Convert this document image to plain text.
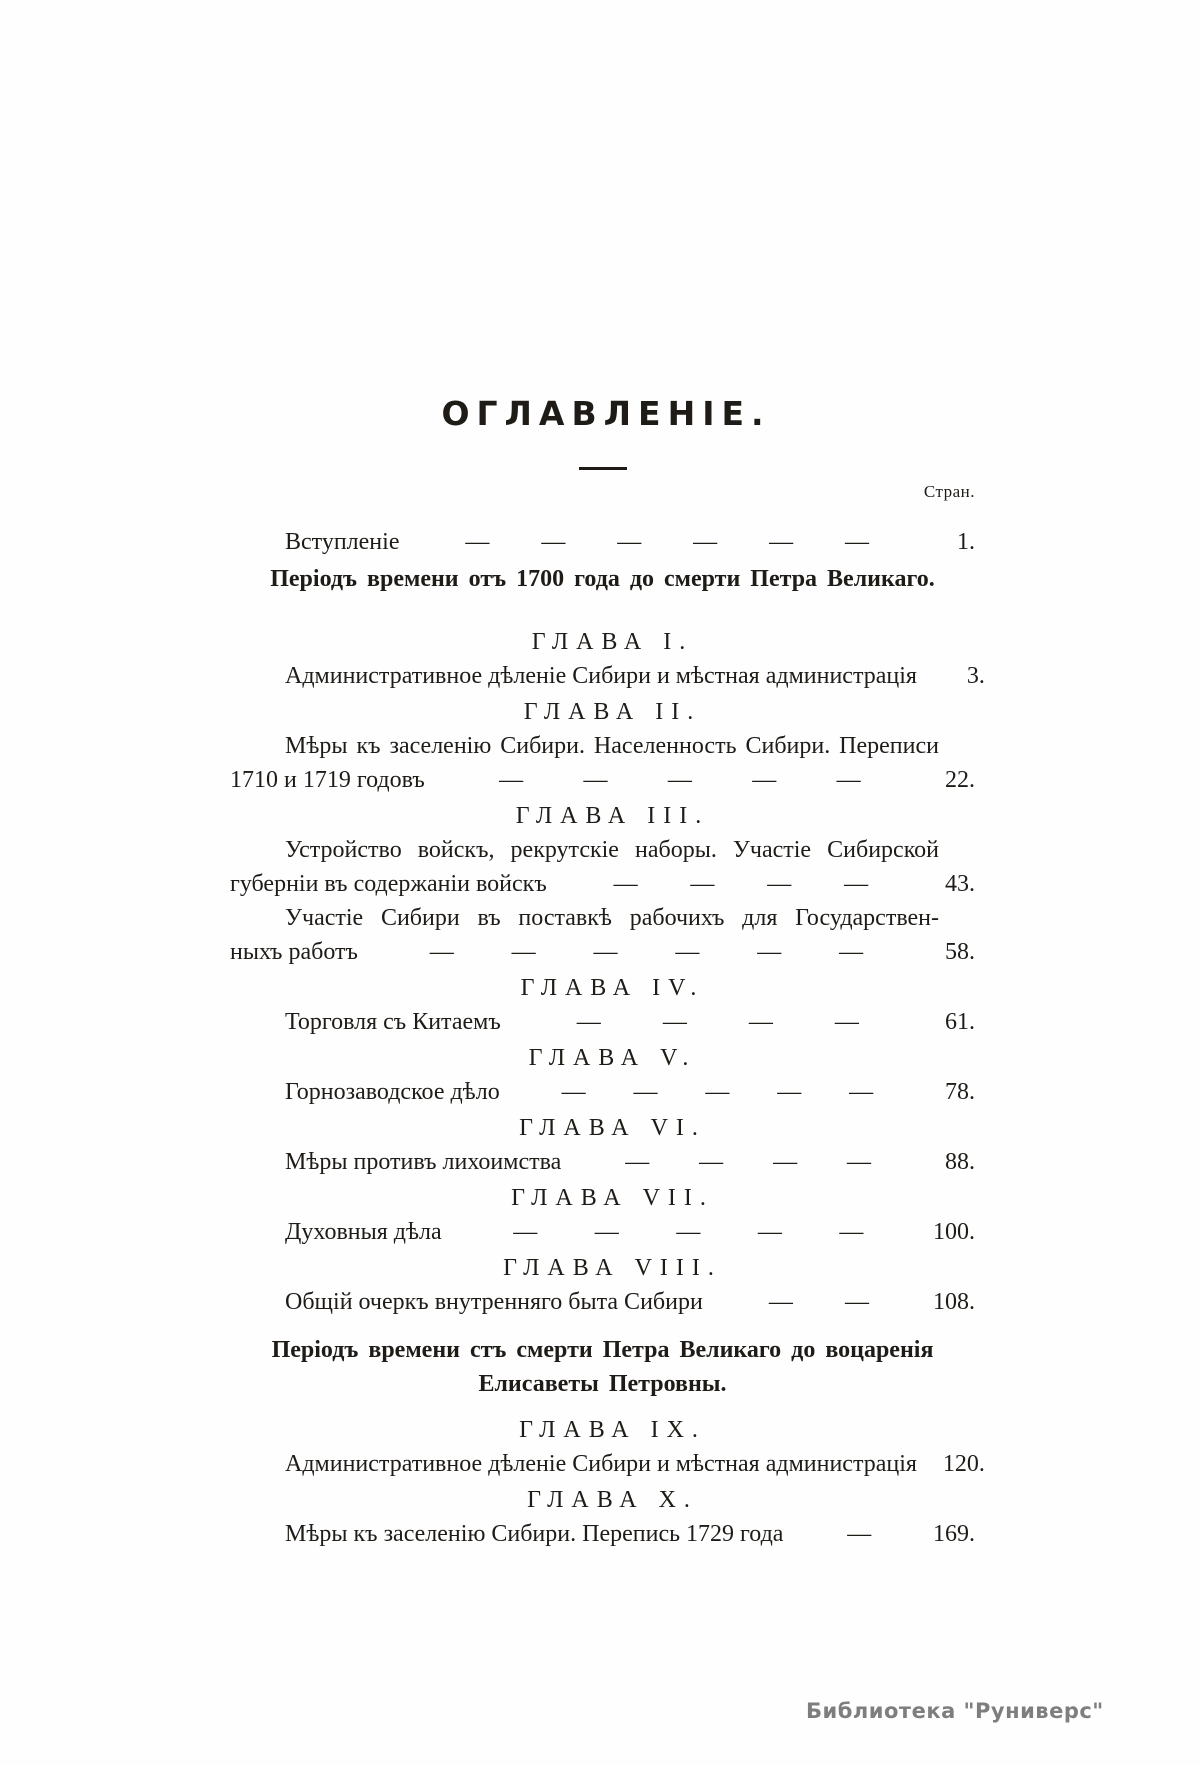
ОГЛАВЛЕНІЕ.
Стран.
Вступленіе	— — — — — —	1.
Періодъ времени отъ 1700 года до смерти Петра Великаго.
ГЛАВА I.
Административное дѣленіе Сибири и мѣстная администрація	3.
ГЛАВА II.
Мѣры къ заселенію Сибири. Населенность Сибири. Переписи
1710 и 1719 годовъ	—	—	—	—	—	22.
ГЛАВА III.
Устройство войскъ, рекрутскіе наборы. Участіе Сибирской
губерніи въ содержаніи войскъ	— — — —	43.
Участіе Сибири въ поставкѣ рабочихъ для Государствен-
ныхъ работъ	— — — — — —	58.
ГЛАВА IV.
Торговля съ Китаемъ	—	—	—	—	61.
ГЛАВА V.
Горнозаводское дѣло	— — — — —	78.
ГЛАВА VI.
Мѣры противъ лихоимства	— — — —	88.
ГЛАВА VII.
Духовныя дѣла	— — — — —	100.
ГЛАВА VIII.
Общій очеркъ внутренняго быта Сибири	— —	108.
Періодъ времени стъ смерти Петра Великаго до воцаренія
Елисаветы Петровны.
ГЛАВА IX.
Административное дѣленіе Сибири и мѣстная администрація 120.
ГЛАВА X.
Мѣры къ заселенію Сибири. Перепись 1729 года	—	169.
Библиотека "Руниверс"
